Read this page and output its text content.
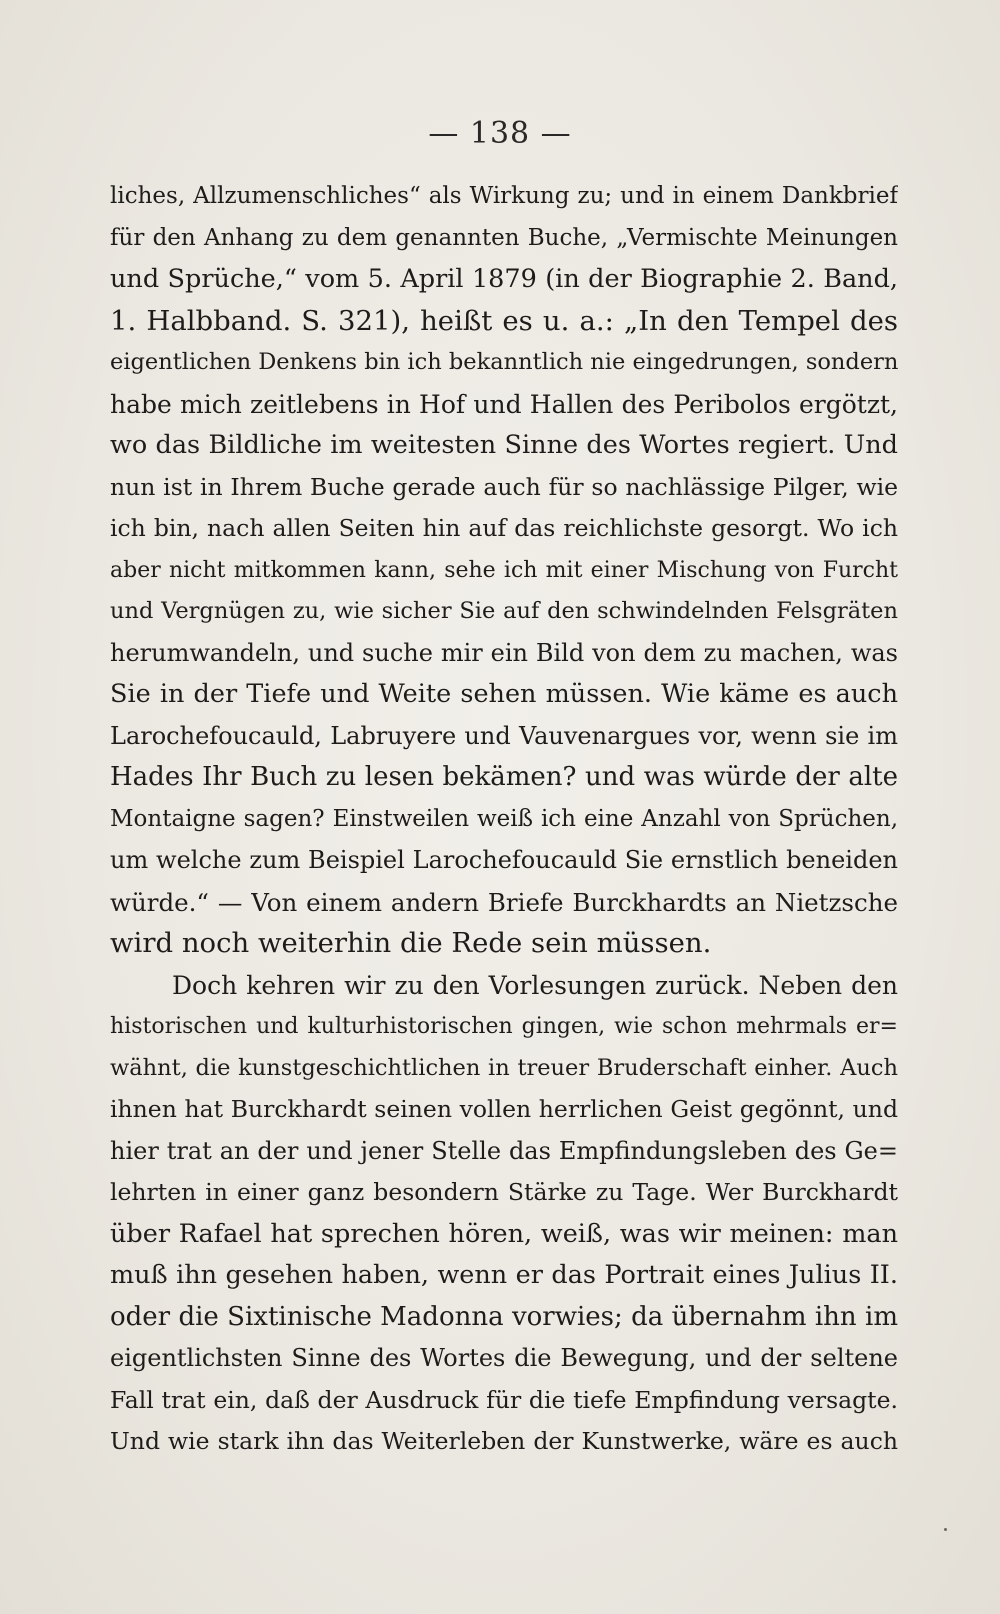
— 138 —
liches, Allzumenschliches“ als Wirkung zu; und in einem Dankbrief
für den Anhang zu dem genannten Buche, „Vermischte Meinungen
und Sprüche,“ vom 5. April 1879 (in der Biographie 2. Band,
1. Halbband. S. 321), heißt es u. a.: „In den Tempel des
eigentlichen Denkens bin ich bekanntlich nie eingedrungen, sondern
habe mich zeitlebens in Hof und Hallen des Peribolos ergötzt,
wo das Bildliche im weitesten Sinne des Wortes regiert. Und
nun ist in Ihrem Buche gerade auch für so nachlässige Pilger, wie
ich bin, nach allen Seiten hin auf das reichlichste gesorgt. Wo ich
aber nicht mitkommen kann, sehe ich mit einer Mischung von Furcht
und Vergnügen zu, wie sicher Sie auf den schwindelnden Felsgräten
herumwandeln, und suche mir ein Bild von dem zu machen, was
Sie in der Tiefe und Weite sehen müssen. Wie käme es auch
Larochefoucauld, Labruyere und Vauvenargues vor, wenn sie im
Hades Ihr Buch zu lesen bekämen? und was würde der alte
Montaigne sagen? Einstweilen weiß ich eine Anzahl von Sprüchen,
um welche zum Beispiel Larochefoucauld Sie ernstlich beneiden
würde.“ — Von einem andern Briefe Burckhardts an Nietzsche
wird noch weiterhin die Rede sein müssen.
Doch kehren wir zu den Vorlesungen zurück. Neben den
historischen und kulturhistorischen gingen, wie schon mehrmals er=
wähnt, die kunstgeschichtlichen in treuer Bruderschaft einher. Auch
ihnen hat Burckhardt seinen vollen herrlichen Geist gegönnt, und
hier trat an der und jener Stelle das Empfindungsleben des Ge=
lehrten in einer ganz besondern Stärke zu Tage. Wer Burckhardt
über Rafael hat sprechen hören, weiß, was wir meinen: man
muß ihn gesehen haben, wenn er das Portrait eines Julius II.
oder die Sixtinische Madonna vorwies; da übernahm ihn im
eigentlichsten Sinne des Wortes die Bewegung, und der seltene
Fall trat ein, daß der Ausdruck für die tiefe Empfindung versagte.
Und wie stark ihn das Weiterleben der Kunstwerke, wäre es auch
